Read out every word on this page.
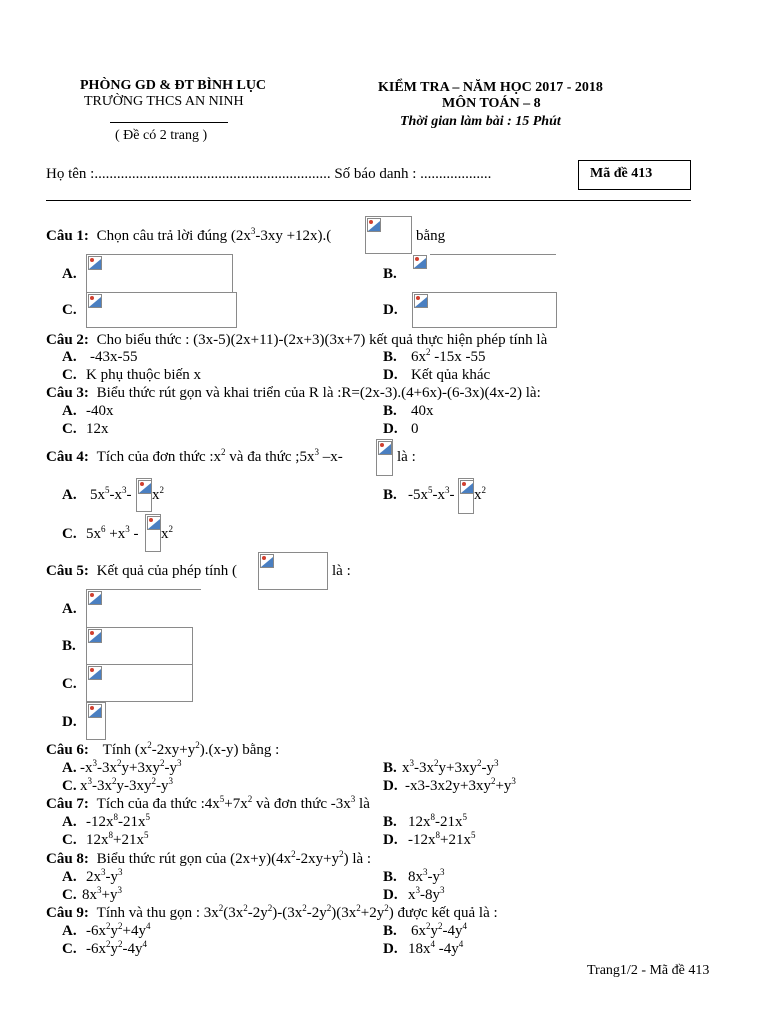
PHÒNG GD & ĐT BÌNH LỤC
TRƯỜNG THCS AN NINH
( Đề có 2 trang )
KIỂM TRA – NĂM HỌC 2017 - 2018
MÔN TOÁN – 8
Thời gian làm bài : 15 Phút
Họ tên :............................................................... Số báo danh : ...................	Mã đề 413
Câu 1: Chọn câu trả lời đúng $(2x^3-3xy +12x)$.(	bằng
A.	B.
C.	D.
Câu 2: Cho biểu thức : (3x-5)(2x+11)-(2x+3)(3x+7) kết quả thực hiện phép tính là
A. -43x-55	B. $6x^2$ -15x -55
C. K phụ thuộc biến x	D. Kết qủa khác
Câu 3: Biểu thức rút gọn và khai triển của R là :R=(2x-3).(4+6x)-(6-3x)(4x-2) là:
A. -40x	B. 40x
C. 12x	D. 0
Câu 4: Tích của đơn thức $:x^2$ và đa thức $;5x^3$ –x-	là :
A. $5x^5-x^3-$ $x^2$	B. $-5x^5-x^3-$ $x^2$
C. $5x^6 +x^3 - x^2$
Câu 5: Kết quả của phép tính (	là :
A.
B.
C.
D.
Câu 6: Tính $(x^2-2xy+y^2).(x-y)$ bằng :
A. $-x^3-3x^2y+3xy^2-y^3$	B. $x^3-3x^2y+3xy^2-y^3$
C. $x^3-3x^2y-3xy^2-y^3$	D. $-x3-3x2y+3xy^2+y^3$
Câu 7: Tích của đa thức $:4x^5+7x^2$ và đơn thức $-3x^3$ là
A. $-12x^8-21x^5$	B. $12x^8-21x^5$
C. $12x^8+21x^5$	D. $-12x^8+21x^5$
Câu 8: Biểu thức rút gọn của $(2x+y)(4x^2-2xy+y^2)$ là :
A. $2x^3-y^3$	B. $8x^3-y^3$
C. $8x^3+y^3$	D. $x^3-8y^3$
Câu 9: Tính và thu gọn : $3x^2(3x^2-2y^2)-(3x^2-2y^2)(3x^2+2y^2)$ được kết quả là :
A. $-6x^2y^2+4y^4$	B. $6x^2y^2-4y^4$
C. $-6x^2y^2-4y^4$	D. $18x^4$ $-4y^4$
Trang1/2 - Mã đề 413
